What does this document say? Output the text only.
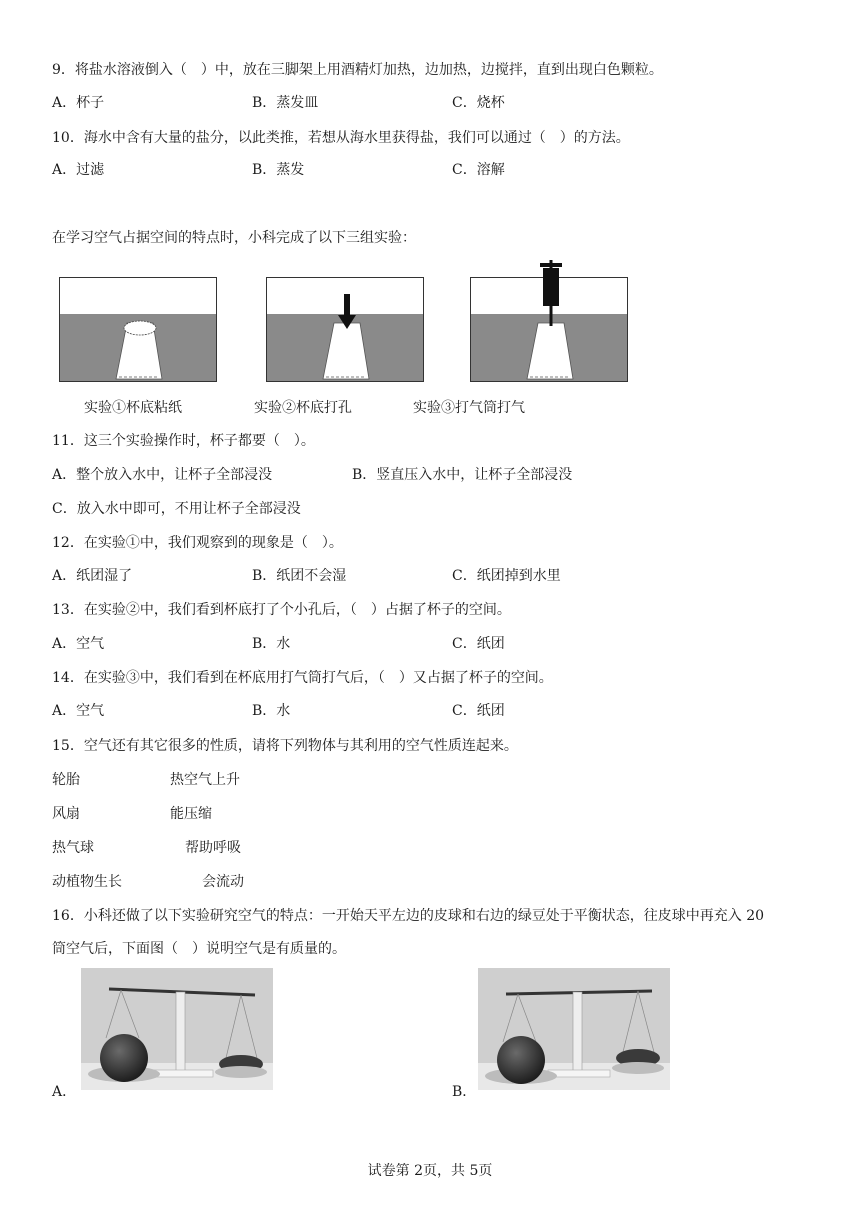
9．将盐水溶液倒入（　）中，放在三脚架上用酒精灯加热，边加热，边搅拌，直到出现白色颗粒。
A．杯子	B．蒸发皿	C．烧杯
10．海水中含有大量的盐分，以此类推，若想从海水里获得盐，我们可以通过（　）的方法。
A．过滤	B．蒸发	C．溶解
在学习空气占据空间的特点时，小科完成了以下三组实验：
实验①杯底粘纸	实验②杯底打孔	实验③打气筒打气
11．这三个实验操作时，杯子都要（　）。
A．整个放入水中，让杯子全部浸没	B．竖直压入水中，让杯子全部浸没
C．放入水中即可，不用让杯子全部浸没
12．在实验①中，我们观察到的现象是（　）。
A．纸团湿了	B．纸团不会湿	C．纸团掉到水里
13．在实验②中，我们看到杯底打了个小孔后，（　）占据了杯子的空间。
A．空气	B．水	C．纸团
14．在实验③中，我们看到在杯底用打气筒打气后，（　）又占据了杯子的空间。
A．空气	B．水	C．纸团
15．空气还有其它很多的性质，请将下列物体与其利用的空气性质连起来。
轮胎	热空气上升
风扇	能压缩
热气球	帮助呼吸
动植物生长	会流动
16．小科还做了以下实验研究空气的特点：一开始天平左边的皮球和右边的绿豆处于平衡状态，往皮球中再充入 20
筒空气后，下面图（　）说明空气是有质量的。
A．	B．
试卷第 2页，共 5页
